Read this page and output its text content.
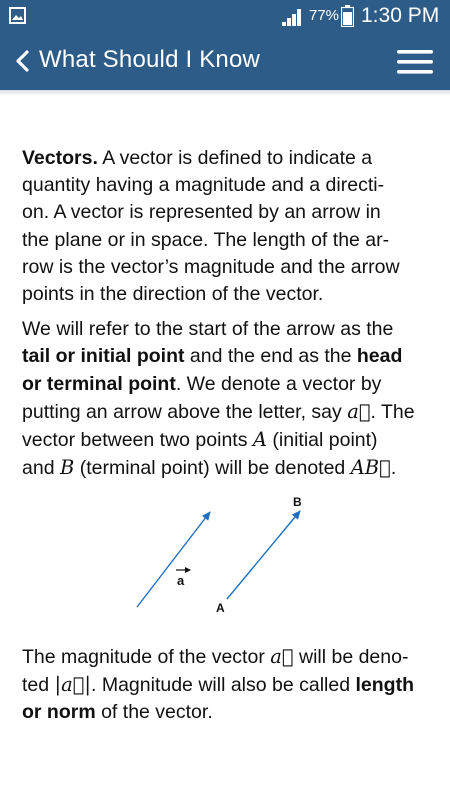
77% 1:30 PM
What Should I Know

Vectors. A vector is defined to indicate a
quantity having a magnitude and a directi-
on. A vector is represented by an arrow in
the plane or in space. The length of the ar-
row is the vector’s magnitude and the arrow
points in the direction of the vector.

We will refer to the start of the arrow as the
tail or initial point and the end as the head
or terminal point. We denote a vector by
putting an arrow above the letter, say a⃗. The
vector between two points A (initial point)
and B (terminal point) will be denoted AB⃗.

a
A
B

The magnitude of the vector a⃗ will be deno-
ted |a⃗|. Magnitude will also be called length
or norm of the vector.
